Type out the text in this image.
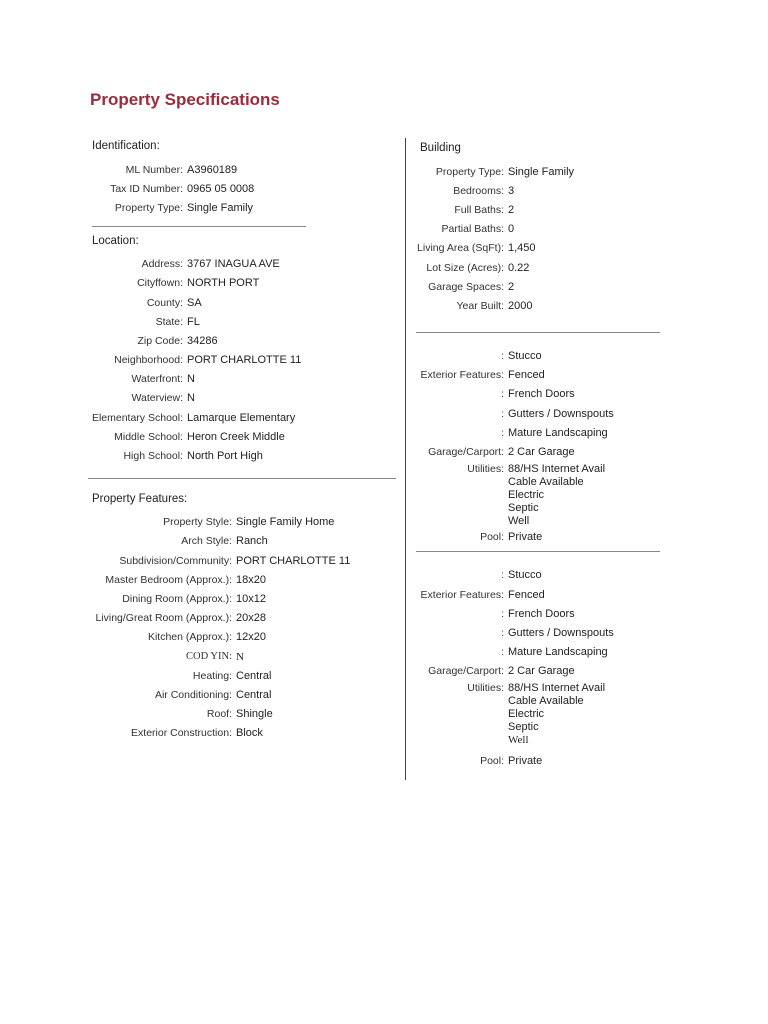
Property Specifications
Identification:
ML Number: A3960189
Tax ID Number: 0965 05 0008
Property Type: Single Family
Location:
Address: 3767 INAGUA AVE
Cityffown: NORTH PORT
County: SA
State: FL
Zip Code: 34286
Neighborhood: PORT CHARLOTTE 11
Waterfront: N
Waterview: N
Elementary School: Lamarque Elementary
Middle School: Heron Creek Middle
High School: North Port High
Property Features:
Property Style: Single Family Home
Arch Style: Ranch
Subdivision/Community: PORT CHARLOTTE 11
Master Bedroom (Approx.): 18x20
Dining Room (Approx.): 10x12
Living/Great Room (Approx.): 20x28
Kitchen (Approx.): 12x20
COD YIN: N
Heating: Central
Air Conditioning: Central
Roof: Shingle
Exterior Construction: Block
Building
Property Type: Single Family
Bedrooms: 3
Full Baths: 2
Partial Baths: 0
Living Area (SqFt): 1,450
Lot Size (Acres): 0.22
Garage Spaces: 2
Year Built: 2000
: Stucco
Exterior Features: Fenced
: French Doors
: Gutters / Downspouts
: Mature Landscaping
Garage/Carport: 2 Car Garage
Utilities: 88/HS Internet Avail
Cable Available
Electric
Septic
Well
Pool: Private
: Stucco
Exterior Features: Fenced
: French Doors
: Gutters / Downspouts
: Mature Landscaping
Garage/Carport: 2 Car Garage
Utilities: 88/HS Internet Avail
Cable Available
Electric
Septic
Well
Pool: Private
